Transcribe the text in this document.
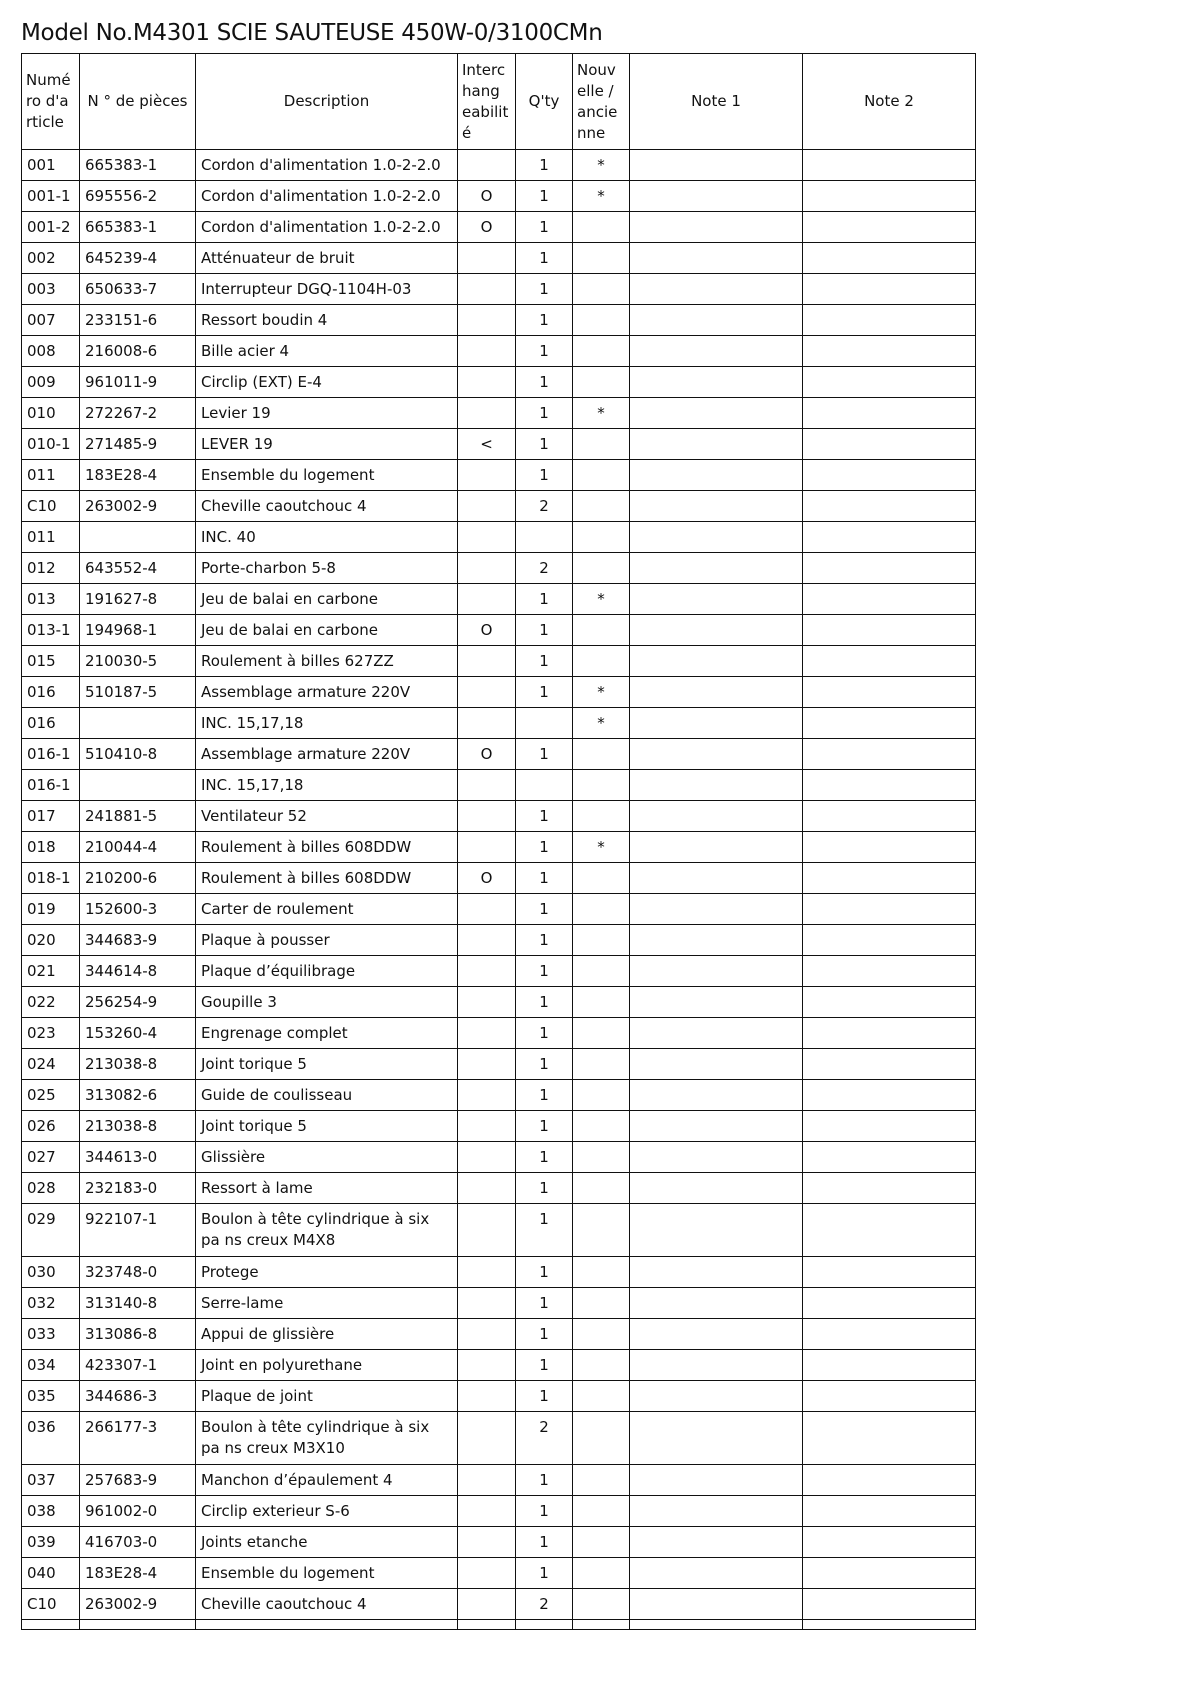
Model No.M4301 SCIE SAUTEUSE 450W-0/3100CMn
Numé ro d'a rticle	N ° de pièces	Description	Interc hang eabilit é	Q'ty	Nouv elle / ancie nne	Note 1	Note 2
001	665383-1	Cordon d'alimentation 1.0-2-2.0		1	*		
001-1	695556-2	Cordon d'alimentation 1.0-2-2.0	O	1	*		
001-2	665383-1	Cordon d'alimentation 1.0-2-2.0	O	1			
002	645239-4	Atténuateur de bruit		1			
003	650633-7	Interrupteur DGQ-1104H-03		1			
007	233151-6	Ressort boudin 4		1			
008	216008-6	Bille acier 4		1			
009	961011-9	Circlip (EXT) E-4		1			
010	272267-2	Levier 19		1	*		
010-1	271485-9	LEVER 19	<	1			
011	183E28-4	Ensemble du logement		1			
C10	263002-9	Cheville caoutchouc 4		2			
011		INC. 40					
012	643552-4	Porte-charbon 5-8		2			
013	191627-8	Jeu de balai en carbone		1	*		
013-1	194968-1	Jeu de balai en carbone	O	1			
015	210030-5	Roulement à billes 627ZZ		1			
016	510187-5	Assemblage armature 220V		1	*		
016		INC. 15,17,18			*		
016-1	510410-8	Assemblage armature 220V	O	1			
016-1		INC. 15,17,18					
017	241881-5	Ventilateur 52		1			
018	210044-4	Roulement à billes 608DDW		1	*		
018-1	210200-6	Roulement à billes 608DDW	O	1			
019	152600-3	Carter de roulement		1			
020	344683-9	Plaque à pousser		1			
021	344614-8	Plaque d’équilibrage		1			
022	256254-9	Goupille 3		1			
023	153260-4	Engrenage complet		1			
024	213038-8	Joint torique 5		1			
025	313082-6	Guide de coulisseau		1			
026	213038-8	Joint torique 5		1			
027	344613-0	Glissière		1			
028	232183-0	Ressort à lame		1			
029	922107-1	Boulon à tête cylindrique à six pa ns creux M4X8		1			
030	323748-0	Protege		1			
032	313140-8	Serre-lame		1			
033	313086-8	Appui de glissière		1			
034	423307-1	Joint en polyurethane		1			
035	344686-3	Plaque de joint		1			
036	266177-3	Boulon à tête cylindrique à six pa ns creux M3X10		2			
037	257683-9	Manchon d’épaulement 4		1			
038	961002-0	Circlip exterieur S-6		1			
039	416703-0	Joints etanche		1			
040	183E28-4	Ensemble du logement		1			
C10	263002-9	Cheville caoutchouc 4		2			
